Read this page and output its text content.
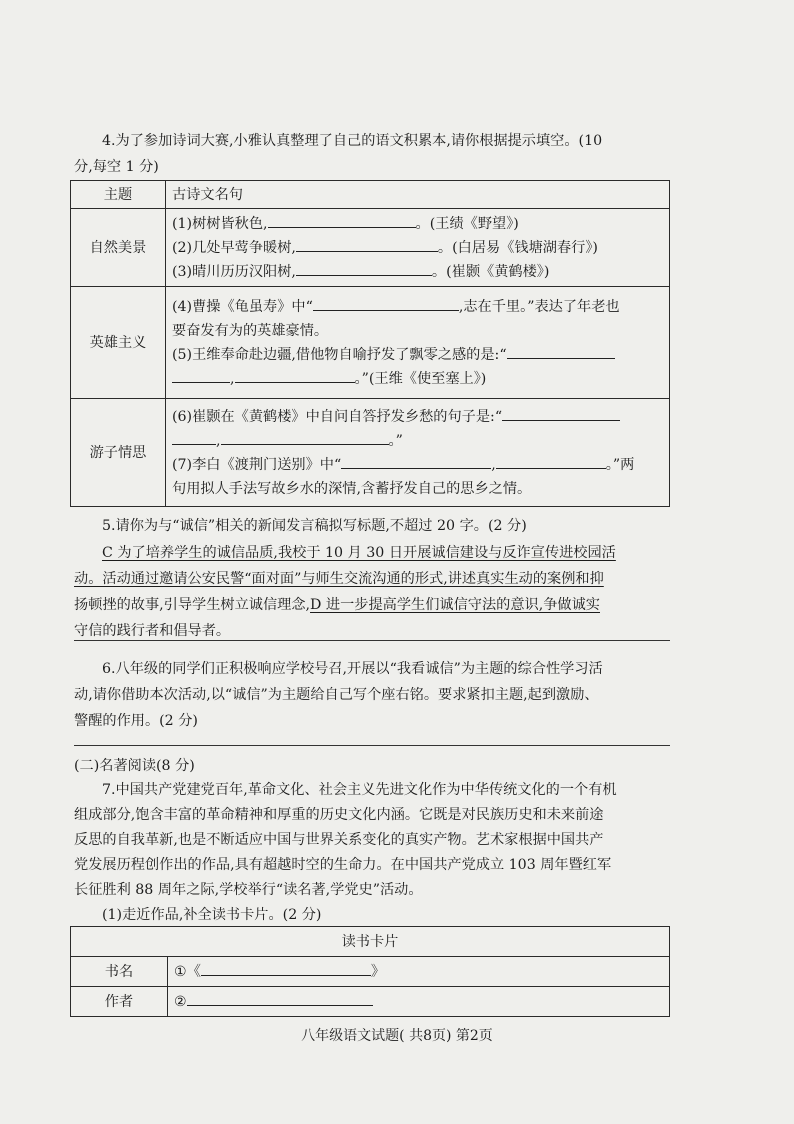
4.为了参加诗词大赛,小雅认真整理了自己的语文积累本,请你根据提示填空。(10
分,每空 1 分)

主题	古诗文名句
自然美景	(1)树树皆秋色, 。(王绩《野望》)
(2)几处早莺争暖树, 。(白居易《钱塘湖春行》)
(3)晴川历历汉阳树, 。(崔颢《黄鹤楼》)

英雄主义	(4)曹操《龟虽寿》中“ ,志在千里。”表达了年老也
要奋发有为的英雄豪情。
(5)王维奉命赴边疆,借他物自喻抒发了飘零之感的是:“
, 。”(王维《使至塞上》)

游子情思	(6)崔颢在《黄鹤楼》中自问自答抒发乡愁的句子是:“
, 。”
(7)李白《渡荆门送别》中“ , 。”两
句用拟人手法写故乡水的深情,含蓄抒发自己的思乡之情。

5.请你为与“诚信”相关的新闻发言稿拟写标题,不超过 20 字。(2 分)

C 为了培养学生的诚信品质,我校于 10 月 30 日开展诚信建设与反诈宣传进校园活
动。活动通过邀请公安民警“面对面”与师生交流沟通的形式,讲述真实生动的案例和抑
扬顿挫的故事,引导学生树立诚信理念,D 进一步提高学生们诚信守法的意识,争做诚实
守信的践行者和倡导者。
6.八年级的同学们正积极响应学校号召,开展以“我看诚信”为主题的综合性学习活
动,请你借助本次活动,以“诚信”为主题给自己写个座右铭。要求紧扣主题,起到激励、
警醒的作用。(2 分)

(二)名著阅读(8 分)

7.中国共产党建党百年,革命文化、社会主义先进文化作为中华传统文化的一个有机
组成部分,饱含丰富的革命精神和厚重的历史文化内涵。它既是对民族历史和未来前途
反思的自我革新,也是不断适应中国与世界关系变化的真实产物。艺术家根据中国共产
党发展历程创作出的作品,具有超越时空的生命力。在中国共产党成立 103 周年暨红军
长征胜利 88 周年之际,学校举行“读名著,学党史”活动。
(1)走近作品,补全读书卡片。(2 分)
读书卡片	
书名	①《 》
作者	②
八年级语文试题( 共8页) 第2页
